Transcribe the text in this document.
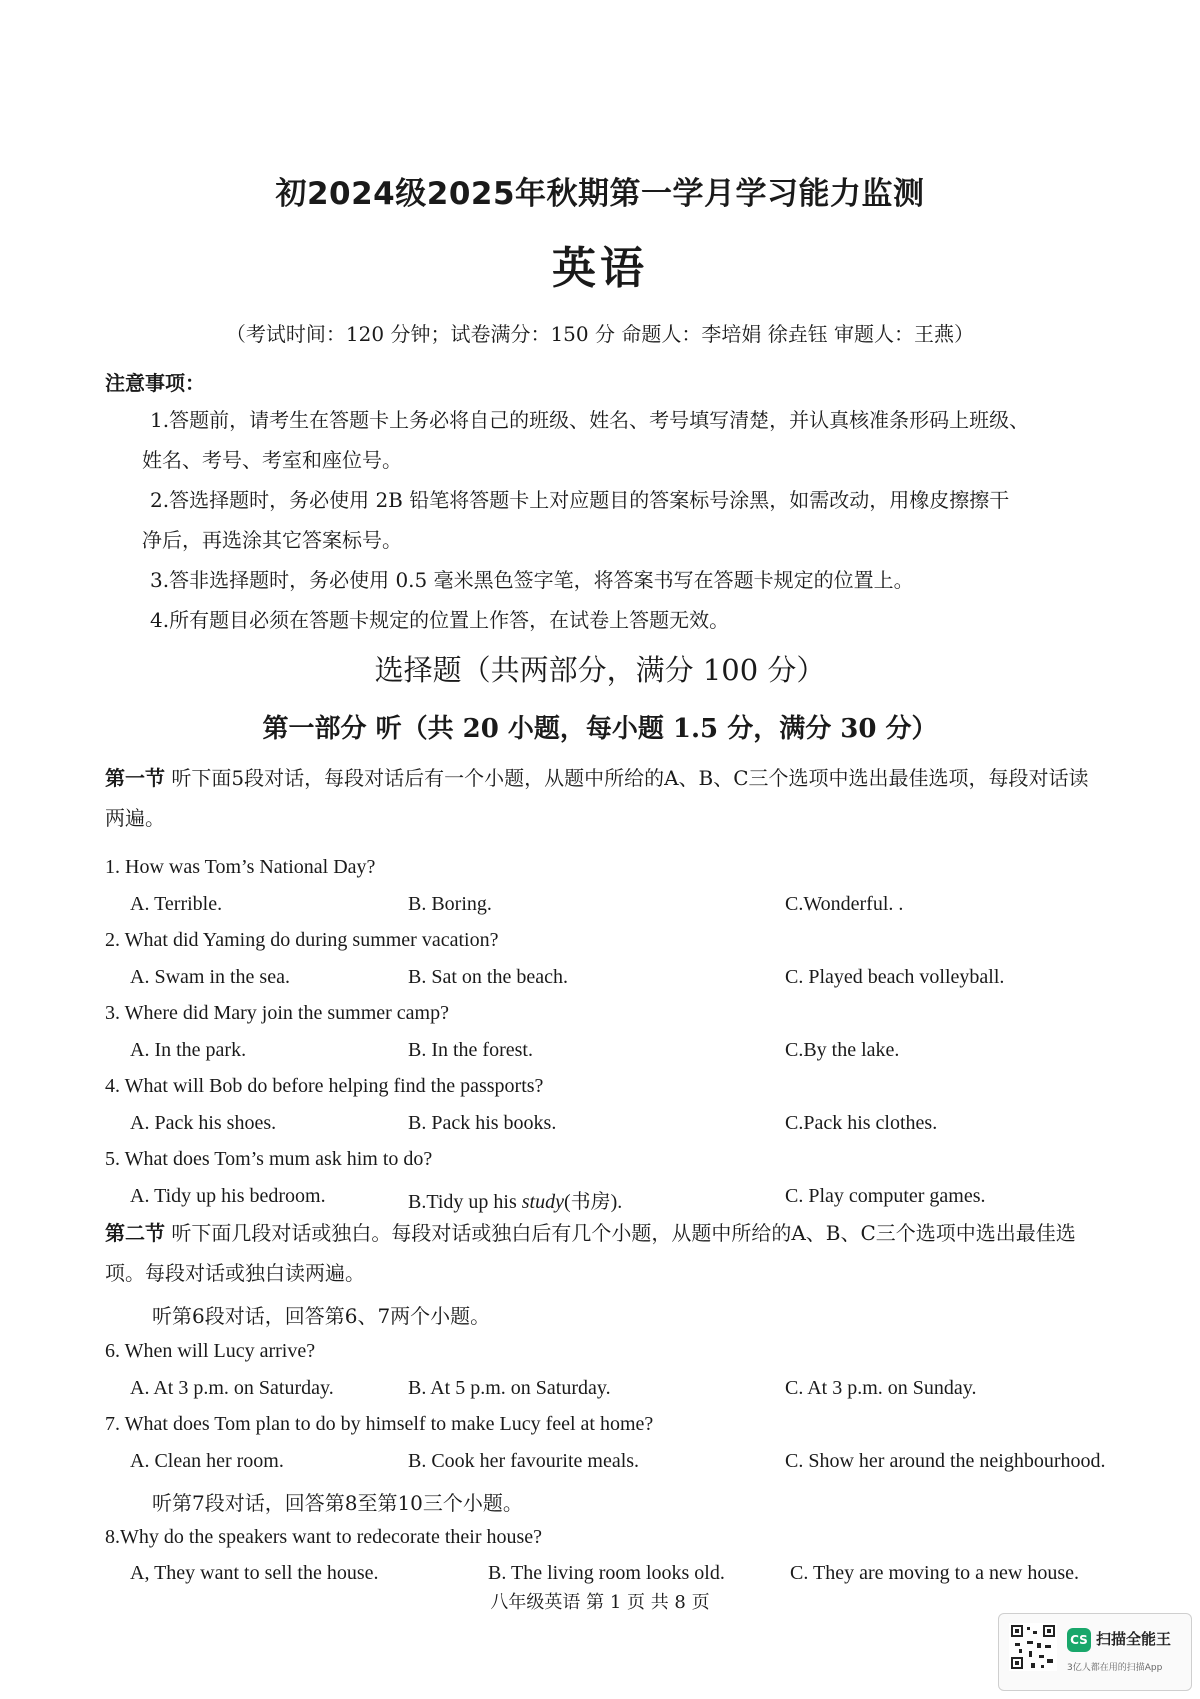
初2024级2025年秋期第一学月学习能力监测
英语
（考试时间：120 分钟；试卷满分：150 分 命题人：李培娟 徐垚钰 审题人：王燕）
注意事项：
1.答题前，请考生在答题卡上务必将自己的班级、姓名、考号填写清楚，并认真核准条形码上班级、
姓名、考号、考室和座位号。
2.答选择题时，务必使用 2B 铅笔将答题卡上对应题目的答案标号涂黑，如需改动，用橡皮擦擦干
净后，再选涂其它答案标号。
3.答非选择题时，务必使用 0.5 毫米黑色签字笔，将答案书写在答题卡规定的位置上。
4.所有题目必须在答题卡规定的位置上作答，在试卷上答题无效。
选择题（共两部分，满分 100 分）
第一部分 听（共 20 小题，每小题 1.5 分，满分 30 分）
第一节 听下面5段对话，每段对话后有一个小题，从题中所给的A、B、C三个选项中选出最佳选项，每段对话读两遍。
1. How was Tom’s National Day?
A. Terrible.	B. Boring.	C.Wonderful. .
2. What did Yaming do during summer vacation?
A. Swam in the sea.	B. Sat on the beach.	C. Played beach volleyball.
3. Where did Mary join the summer camp?
A. In the park.	B. In the forest.	C.By the lake.
4. What will Bob do before helping find the passports?
A. Pack his shoes.	B. Pack his books.	C.Pack his clothes.
5. What does Tom’s mum ask him to do?
A. Tidy up his bedroom.	B.Tidy up his study(书房).	C. Play computer games.
第二节 听下面几段对话或独白。每段对话或独白后有几个小题，从题中所给的A、B、C三个选项中选出最佳选项。每段对话或独白读两遍。
听第6段对话，回答第6、7两个小题。
6. When will Lucy arrive?
A. At 3 p.m. on Saturday.	B. At 5 p.m. on Saturday.	C. At 3 p.m. on Sunday.
7. What does Tom plan to do by himself to make Lucy feel at home?
A. Clean her room.	B. Cook her favourite meals.	C. Show her around the neighbourhood.
听第7段对话，回答第8至第10三个小题。
8.Why do the speakers want to redecorate their house?
A, They want to sell the house.	B. The living room looks old.	C. They are moving to a new house.
八年级英语 第 1 页 共 8 页
CS 扫描全能王
3亿人都在用的扫描App
